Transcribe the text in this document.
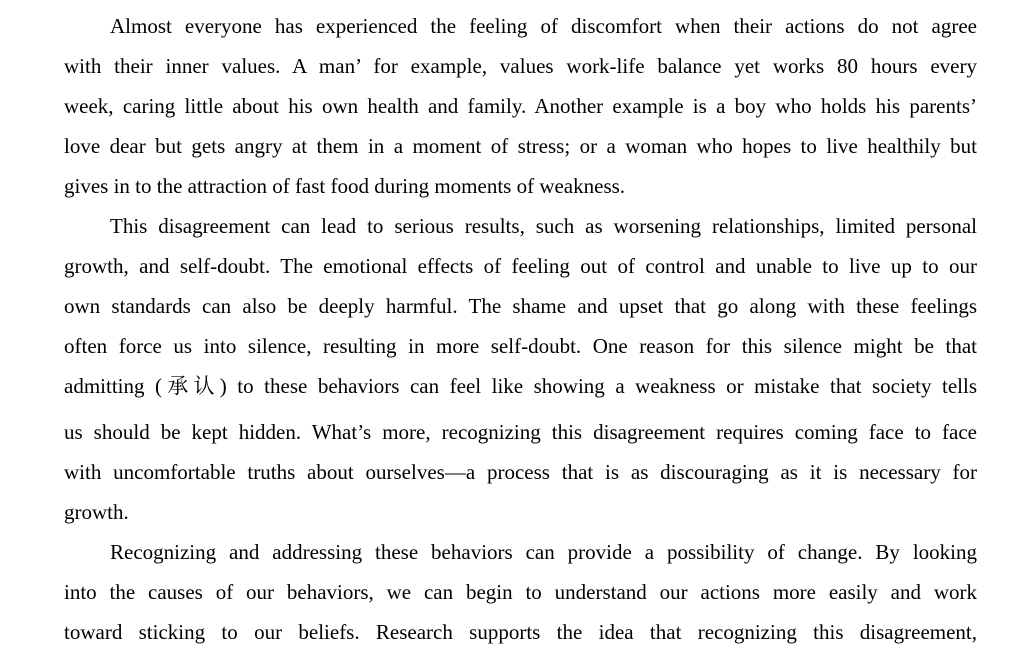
Almost everyone has experienced the feeling of discomfort when their actions do not agree
with their inner values. A man’ for example, values work-life balance yet works 80 hours every
week, caring little about his own health and family. Another example is a boy who holds his parents’
love dear but gets angry at them in a moment of stress; or a woman who hopes to live healthily but
gives in to the attraction of fast food during moments of weakness.
This disagreement can lead to serious results, such as worsening relationships, limited personal
growth, and self-doubt. The emotional effects of feeling out of control and unable to live up to our
own standards can also be deeply harmful. The shame and upset that go along with these feelings
often force us into silence, resulting in more self-doubt. One reason for this silence might be that
admitting (承认) to these behaviors can feel like showing a weakness or mistake that society tells
us should be kept hidden. What’s more, recognizing this disagreement requires coming face to face
with uncomfortable truths about ourselves—a process that is as discouraging as it is necessary for
growth.
Recognizing and addressing these behaviors can provide a possibility of change. By looking
into the causes of our behaviors, we can begin to understand our actions more easily and work
toward sticking to our beliefs. Research supports the idea that recognizing this disagreement,
